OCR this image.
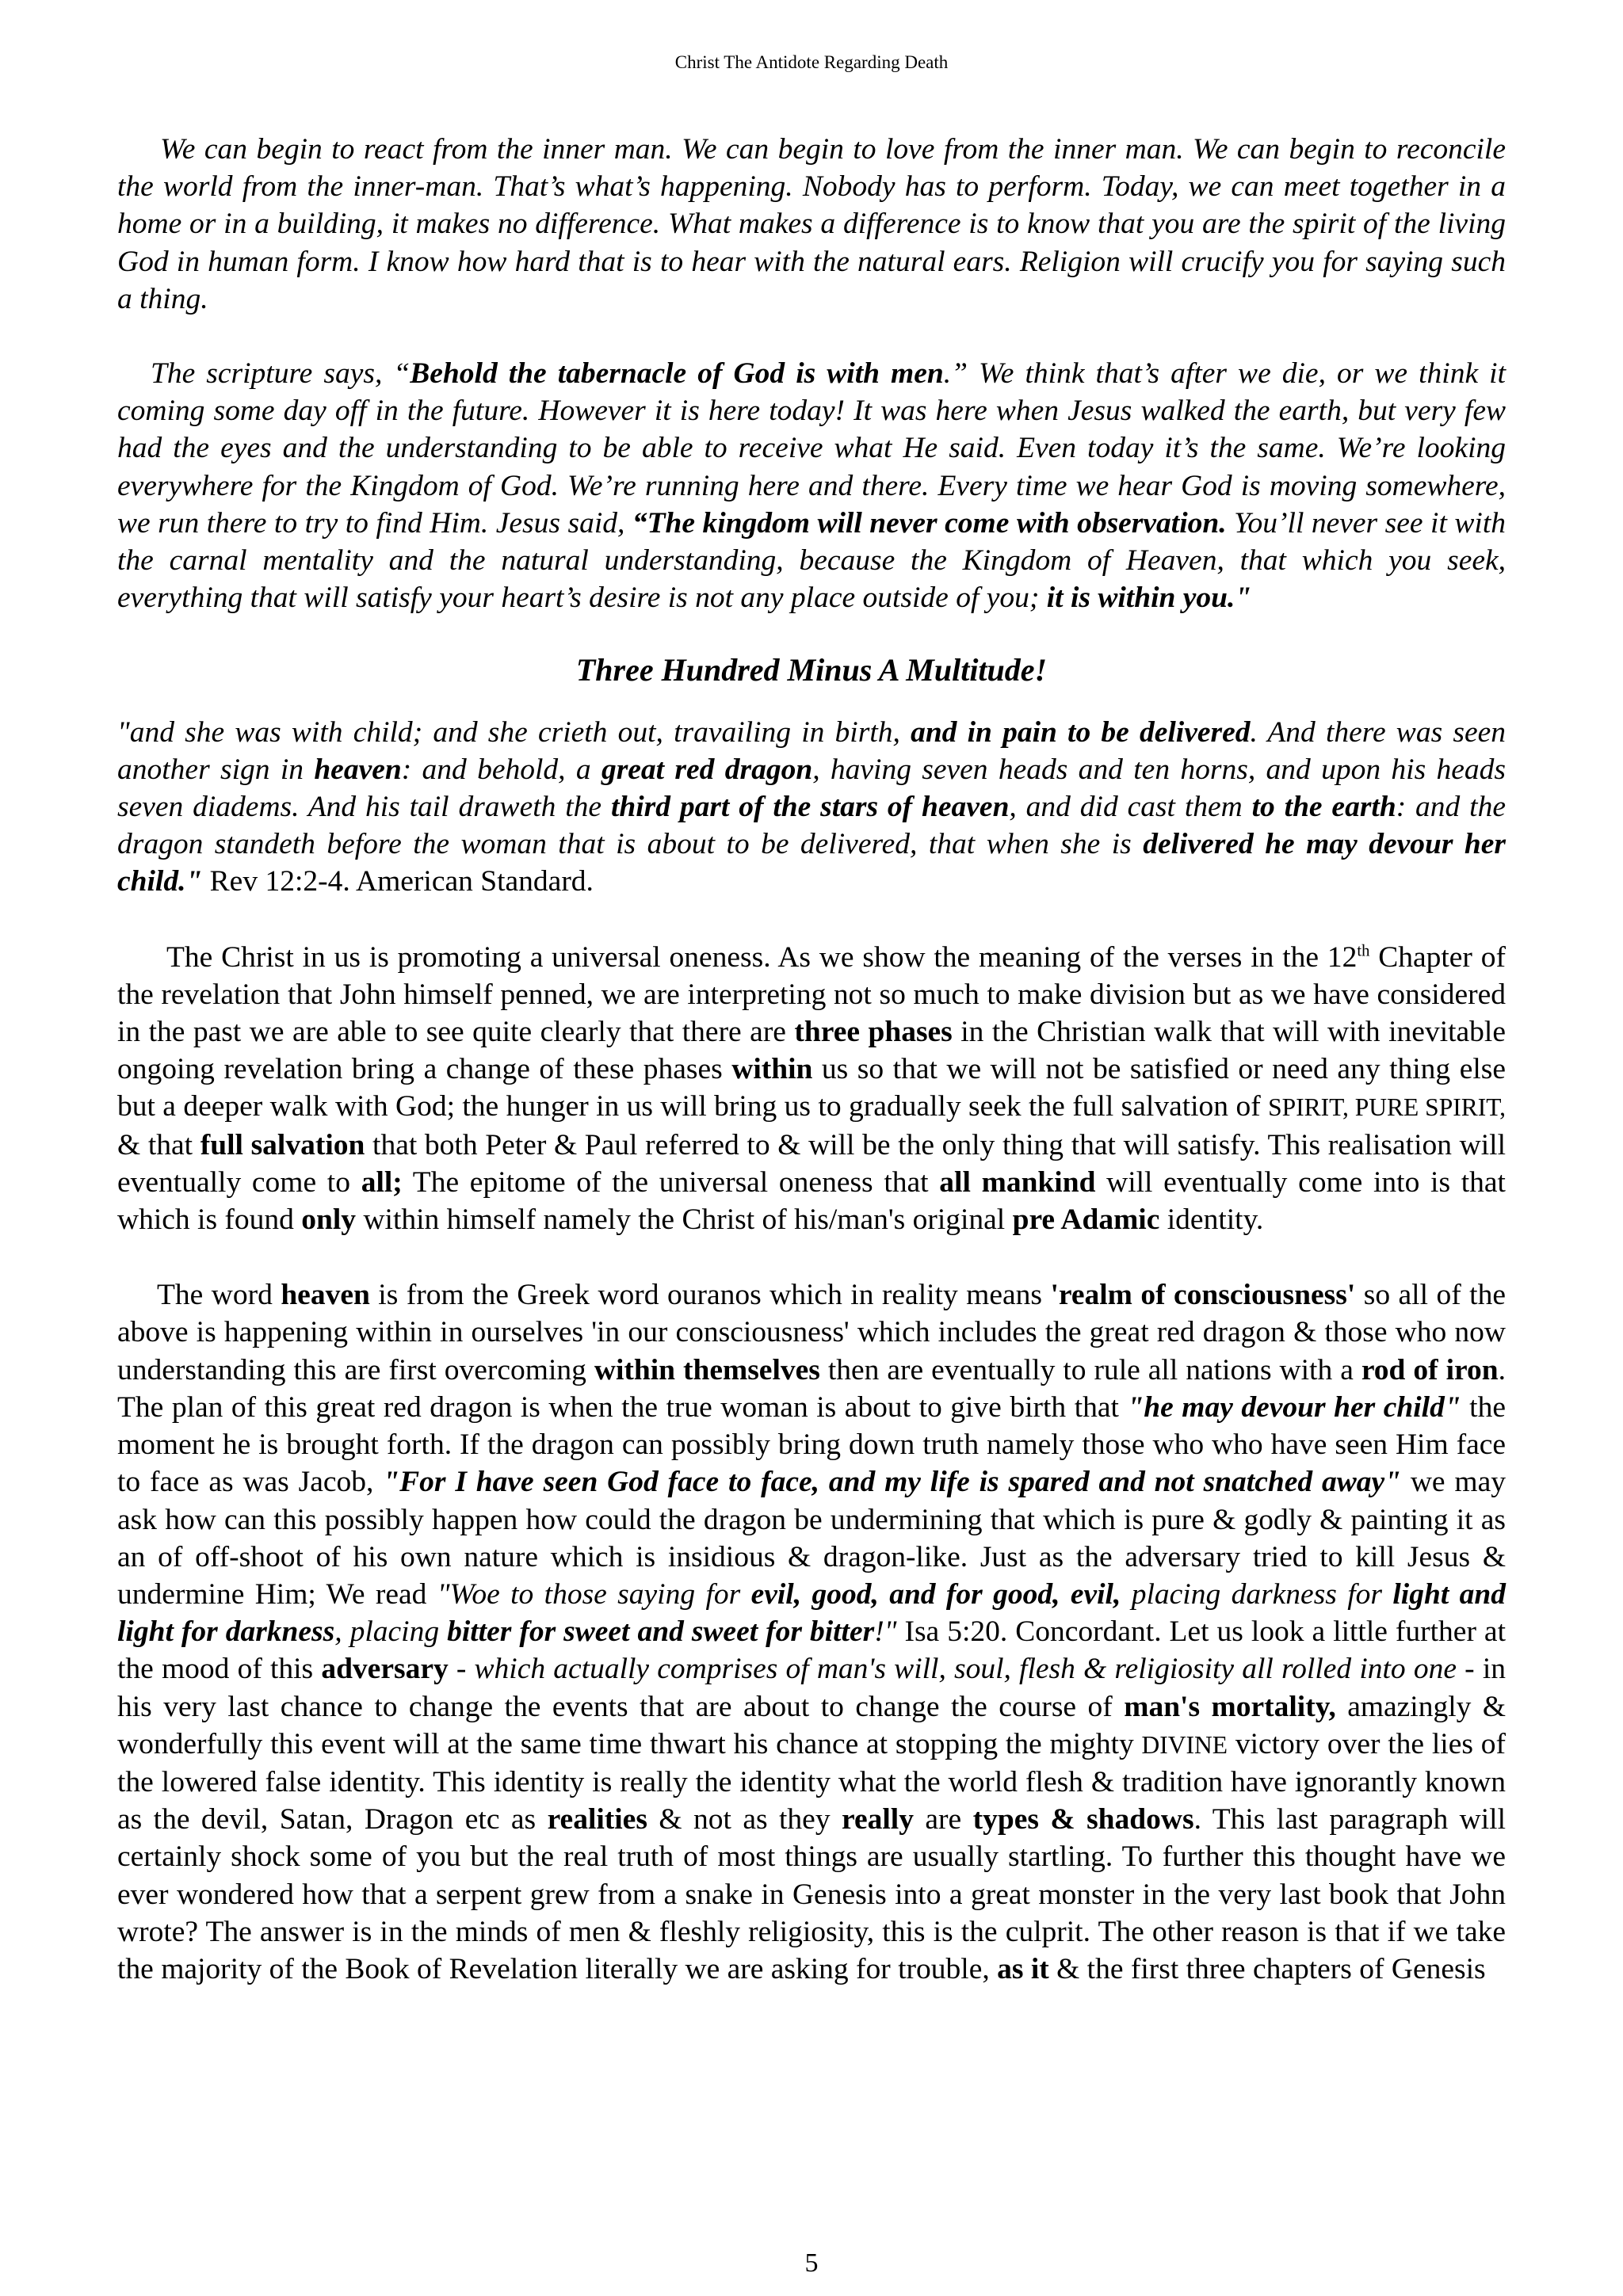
Christ The Antidote Regarding Death

We can begin to react from the inner man. We can begin to love from the inner man. We can begin to reconcile the world from the inner-man. That’s what’s happening. Nobody has to perform. Today, we can meet together in a home or in a building, it makes no difference. What makes a difference is to know that you are the spirit of the living God in human form. I know how hard that is to hear with the natural ears. Religion will crucify you for saying such a thing.

The scripture says, “Behold the tabernacle of God is with men.” We think that’s after we die, or we think it coming some day off in the future. However it is here today! It was here when Jesus walked the earth, but very few had the eyes and the understanding to be able to receive what He said. Even today it’s the same. We’re looking everywhere for the Kingdom of God. We’re running here and there. Every time we hear God is moving somewhere, we run there to try to find Him. Jesus said, “The kingdom will never come with observation. You’ll never see it with the carnal mentality and the natural understanding, because the Kingdom of Heaven, that which you seek, everything that will satisfy your heart’s desire is not any place outside of you; it is within you."

Three Hundred Minus A Multitude!

"and she was with child; and she crieth out, travailing in birth, and in pain to be delivered. And there was seen another sign in heaven: and behold, a great red dragon, having seven heads and ten horns, and upon his heads seven diadems. And his tail draweth the third part of the stars of heaven, and did cast them to the earth: and the dragon standeth before the woman that is about to be delivered, that when she is delivered he may devour her child." Rev 12:2-4. American Standard.

The Christ in us is promoting a universal oneness. As we show the meaning of the verses in the 12th Chapter of the revelation that John himself penned, we are interpreting not so much to make division but as we have considered in the past we are able to see quite clearly that there are three phases in the Christian walk that will with inevitable ongoing revelation bring a change of these phases within us so that we will not be satisfied or need any thing else but a deeper walk with God; the hunger in us will bring us to gradually seek the full salvation of SPIRIT, PURE SPIRIT, & that full salvation that both Peter & Paul referred to & will be the only thing that will satisfy. This realisation will eventually come to all; The epitome of the universal oneness that all mankind will eventually come into is that which is found only within himself namely the Christ of his/man's original pre Adamic identity.

The word heaven is from the Greek word ouranos which in reality means 'realm of consciousness' so all of the above is happening within in ourselves 'in our consciousness' which includes the great red dragon & those who now understanding this are first overcoming within themselves then are eventually to rule all nations with a rod of iron. The plan of this great red dragon is when the true woman is about to give birth that "he may devour her child" the moment he is brought forth. If the dragon can possibly bring down truth namely those who who have seen Him face to face as was Jacob, "For I have seen God face to face, and my life is spared and not snatched away" we may ask how can this possibly happen how could the dragon be undermining that which is pure & godly & painting it as an of off-shoot of his own nature which is insidious & dragon-like. Just as the adversary tried to kill Jesus & undermine Him; We read "Woe to those saying for evil, good, and for good, evil, placing darkness for light and light for darkness, placing bitter for sweet and sweet for bitter!" Isa 5:20. Concordant. Let us look a little further at the mood of this adversary - which actually comprises of man's will, soul, flesh & religiosity all rolled into one - in his very last chance to change the events that are about to change the course of man's mortality, amazingly & wonderfully this event will at the same time thwart his chance at stopping the mighty DIVINE victory over the lies of the lowered false identity. This identity is really the identity what the world flesh & tradition have ignorantly known as the devil, Satan, Dragon etc as realities & not as they really are types & shadows. This last paragraph will certainly shock some of you but the real truth of most things are usually startling. To further this thought have we ever wondered how that a serpent grew from a snake in Genesis into a great monster in the very last book that John wrote? The answer is in the minds of men & fleshly religiosity, this is the culprit. The other reason is that if we take the majority of the Book of Revelation literally we are asking for trouble, as it & the first three chapters of Genesis

5
